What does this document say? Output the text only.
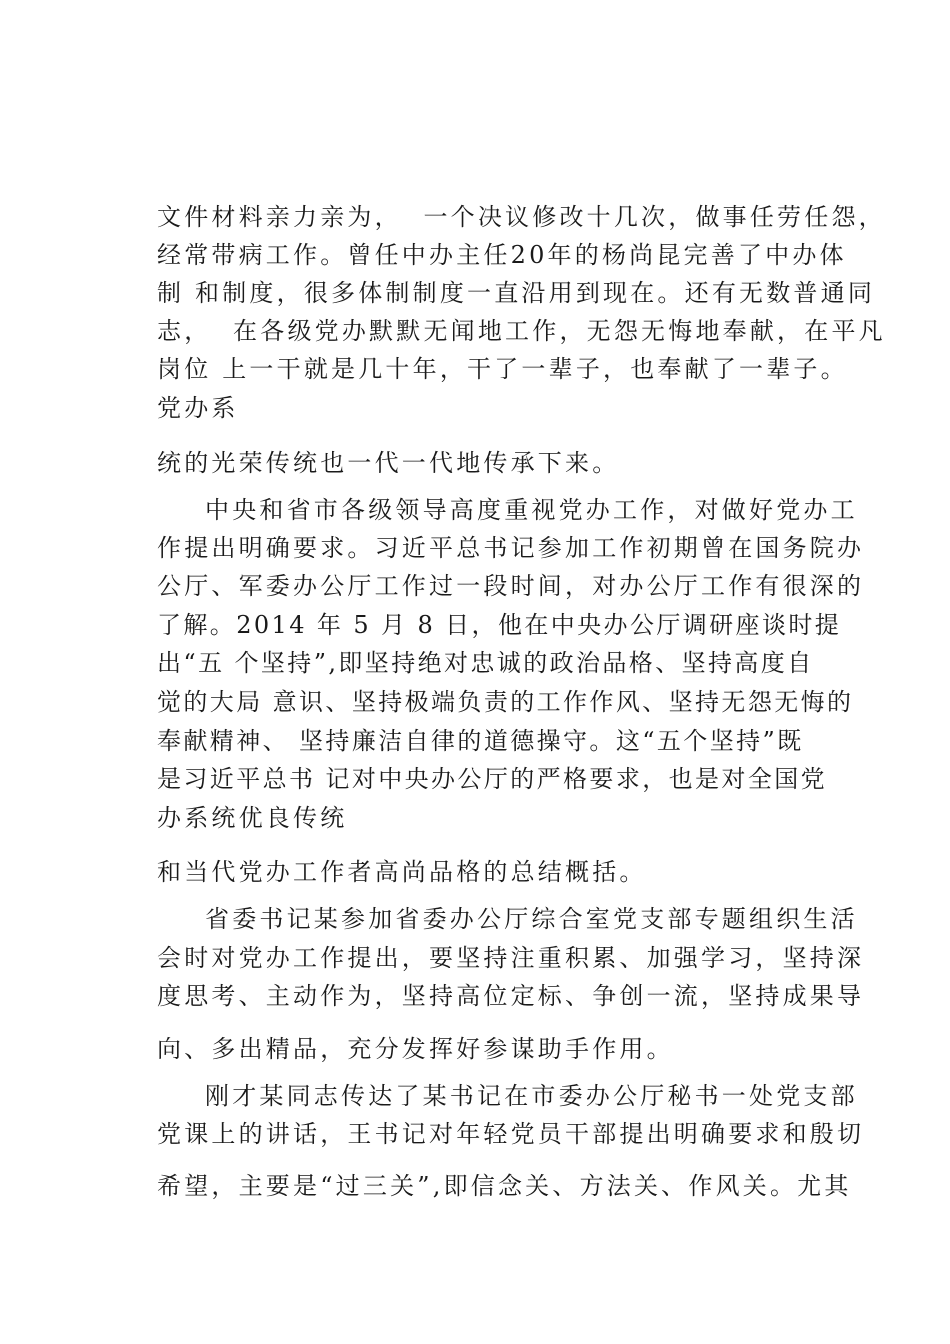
文件材料亲力亲为，  一个决议修改十几次，做事任劳任怨，
经常带病工作。曾任中办主任20年的杨尚昆完善了中办体
制 和制度，很多体制制度一直沿用到现在。还有无数普通同
志，  在各级党办默默无闻地工作，无怨无悔地奉献，在平凡
岗位 上一干就是几十年，干了一辈子，也奉献了一辈子。
党办系
统的光荣传统也一代一代地传承下来。
中央和省市各级领导高度重视党办工作，对做好党办工
作提出明确要求。习近平总书记参加工作初期曾在国务院办
公厅、军委办公厅工作过一段时间，对办公厅工作有很深的
了解。2014 年 5 月 8 日，他在中央办公厅调研座谈时提
出“五 个坚持”,即坚持绝对忠诚的政治品格、坚持高度自
觉的大局 意识、坚持极端负责的工作作风、坚持无怨无悔的
奉献精神、 坚持廉洁自律的道德操守。这“五个坚持”既
是习近平总书 记对中央办公厅的严格要求，也是对全国党
办系统优良传统
和当代党办工作者高尚品格的总结概括。
省委书记某参加省委办公厅综合室党支部专题组织生活
会时对党办工作提出，要坚持注重积累、加强学习，坚持深
度思考、主动作为，坚持高位定标、争创一流，坚持成果导
向、多出精品，充分发挥好参谋助手作用。
刚才某同志传达了某书记在市委办公厅秘书一处党支部
党课上的讲话，王书记对年轻党员干部提出明确要求和殷切
希望，主要是“过三关”,即信念关、方法关、作风关。尤其
